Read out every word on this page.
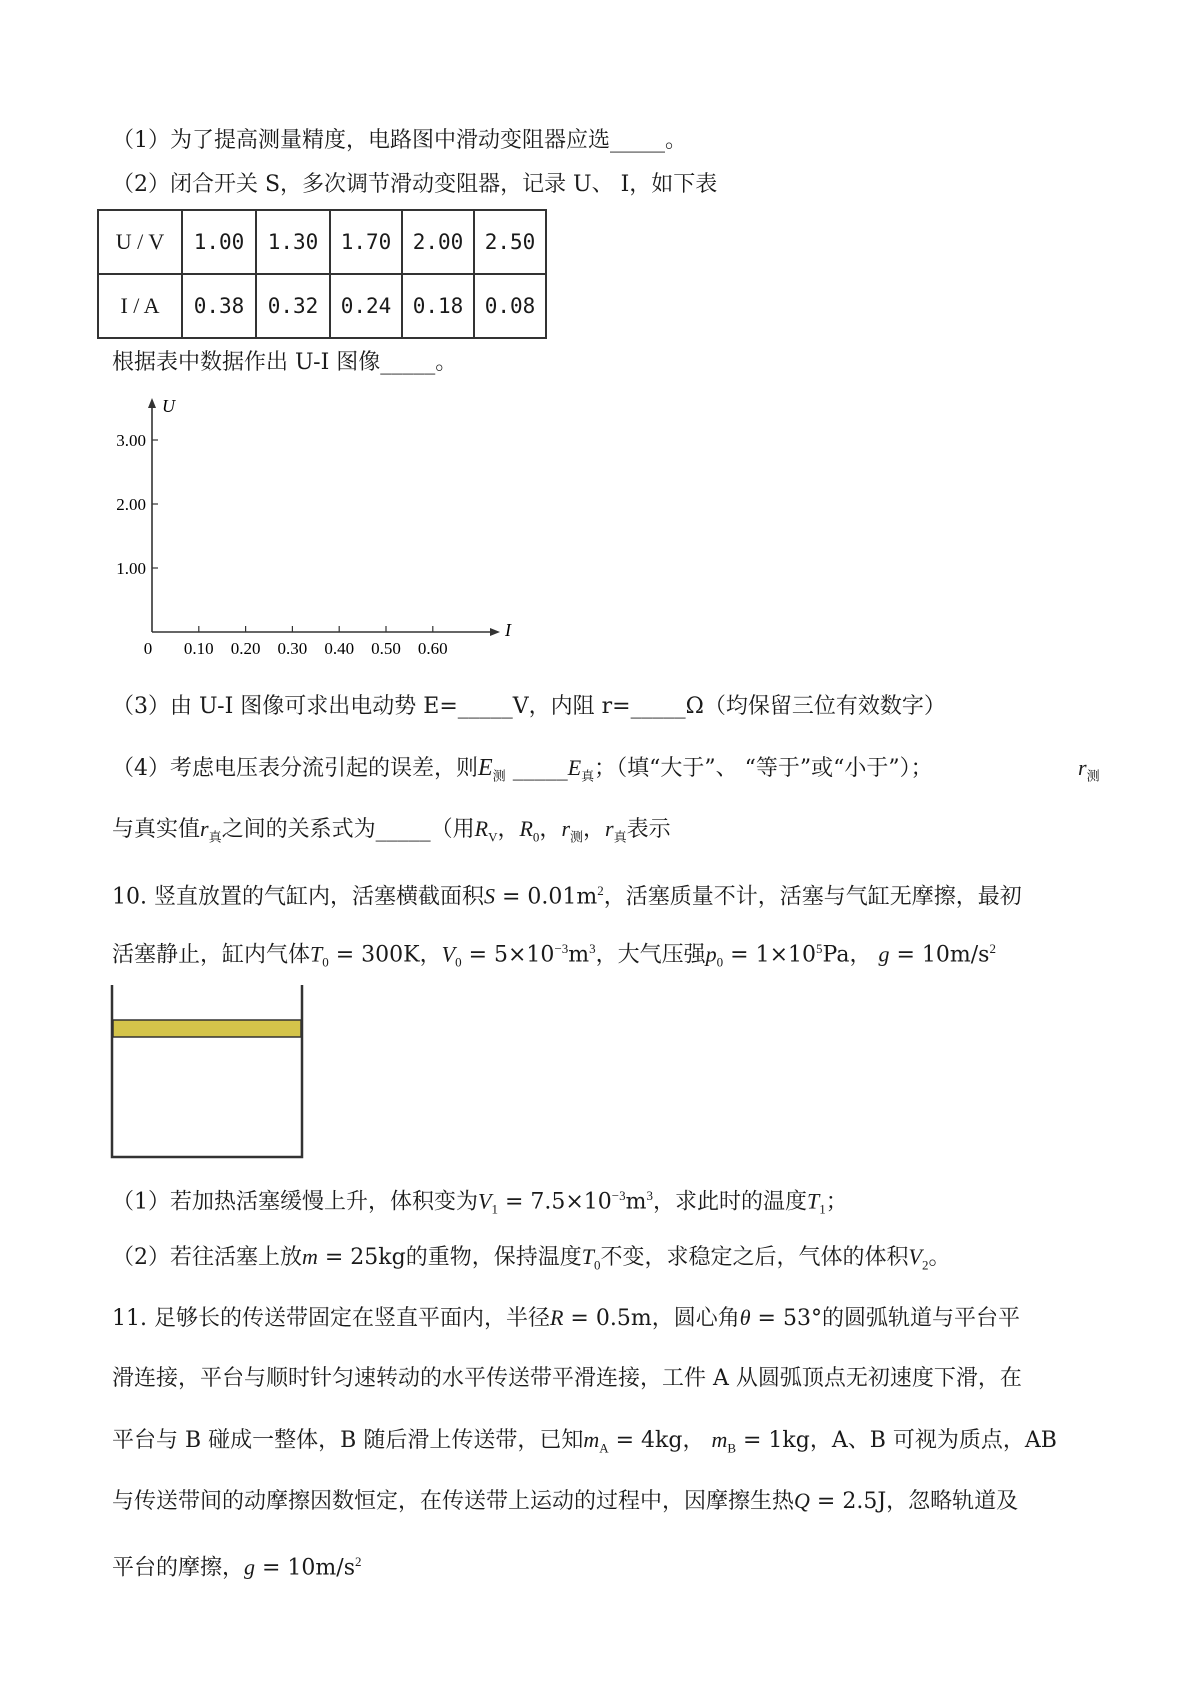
（1）为了提高测量精度，电路图中滑动变阻器应选_____。
（2）闭合开关 S，多次调节滑动变阻器，记录 U、 I，如下表
U / V	1.00	1.30	1.70	2.00	2.50
I / A	0.38	0.32	0.24	0.18	0.08
根据表中数据作出 U-I 图像_____。
U
I
0 0.10 0.20 0.30 0.40 0.50 0.60
1.00
2.00
3.00
（3）由 U-I 图像可求出电动势 E=_____V，内阻 r=_____Ω（均保留三位有效数字）
（4）考虑电压表分流引起的误差，则$E_测$ $\_\_\_\_\_E_真$；（填“大于”、 “等于”或“小于”）；	$r_测$
与真实值$r_真$之间的关系式为_____（用$R_V$，$R_0$，$r_测$，$r_真$表示
10. 竖直放置的气缸内，活塞横截面积$S = 0.01m^2$，活塞质量不计，活塞与气缸无摩擦，最初
活塞静止，缸内气体$T_0 = 300K$，$V_0 = 5\times 10^{-3}m^3$，大气压强$p_0 = 1\times 10^5Pa$， $g = 10m/s^2$
（1）若加热活塞缓慢上升，体积变为$V_1 = 7.5\times 10^{-3}m^3$，求此时的温度$T_1$；
（2）若往活塞上放m = 25kg的重物，保持温度$T_0$不变，求稳定之后，气体的体积$V_2$。
11. 足够长的传送带固定在竖直平面内，半径R = 0.5m，圆心角θ = 53°的圆弧轨道与平台平
滑连接，平台与顺时针匀速转动的水平传送带平滑连接，工件 A 从圆弧顶点无初速度下滑，在
平台与 B 碰成一整体，B 随后滑上传送带，已知$m_A = 4kg$， $m_B = 1kg$，A、B 可视为质点，AB
与传送带间的动摩擦因数恒定，在传送带上运动的过程中，因摩擦生热Q = 2.5J，忽略轨道及
平台的摩擦，$g = 10m/s^2$
